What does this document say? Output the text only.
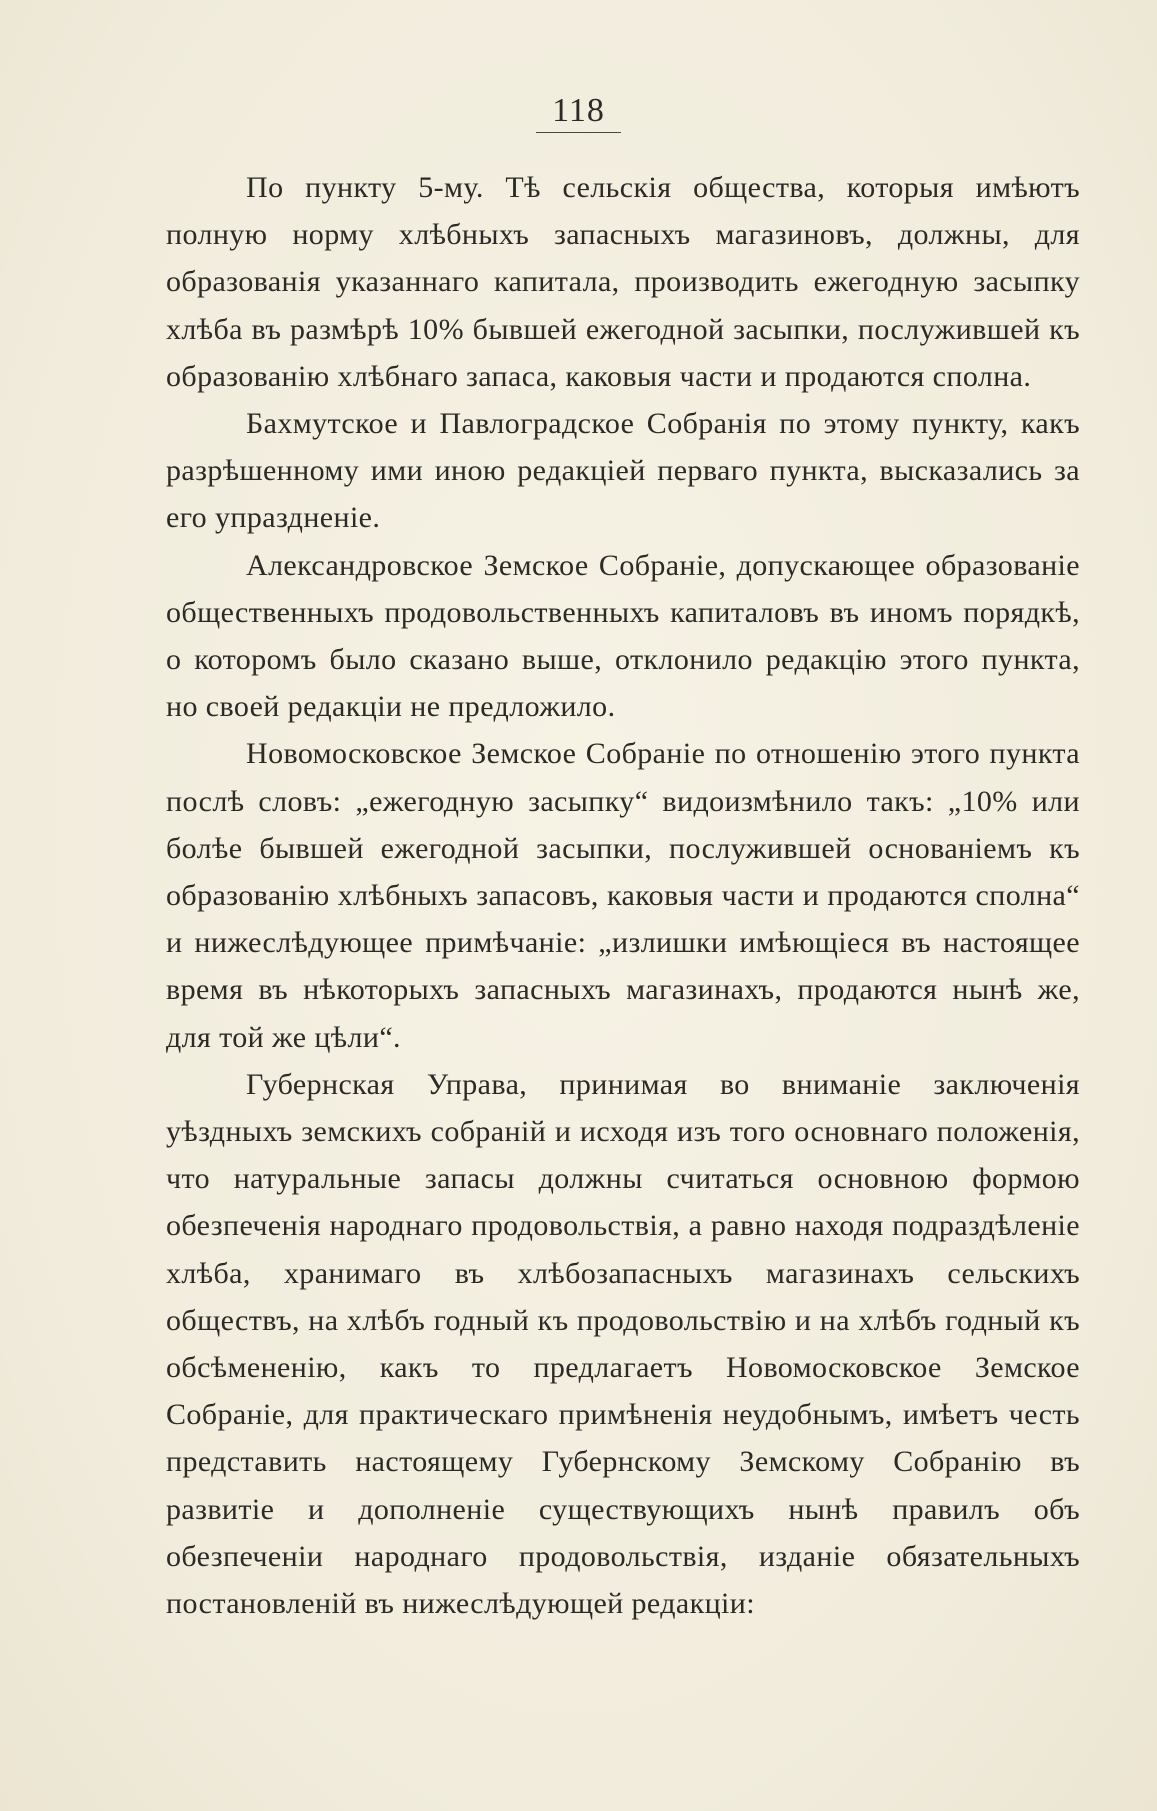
118

По пункту 5-му. Тѣ сельскія общества, которыя имѣютъ полную норму хлѣбныхъ запасныхъ магазиновъ, должны, для образованія указаннаго капитала, производить ежегодную засыпку хлѣба въ размѣрѣ 10% бывшей ежегодной засыпки, послужившей къ образованію хлѣбнаго запаса, каковыя части и продаются сполна.

Бахмутское и Павлоградское Собранія по этому пункту, какъ разрѣшенному ими иною редакціей перваго пункта, высказались за его упраздненіе.

Александровское Земское Собраніе, допускающее образованіе общественныхъ продовольственныхъ капиталовъ въ иномъ порядкѣ, о которомъ было сказано выше, отклонило редакцію этого пункта, но своей редакціи не предложило.

Новомосковское Земское Собраніе по отношенію этого пункта послѣ словъ: „ежегодную засыпку“ видоизмѣнило такъ: „10% или болѣе бывшей ежегодной засыпки, послужившей основаніемъ къ образованію хлѣбныхъ запасовъ, каковыя части и продаются сполна“ и нижеслѣдующее примѣчаніе: „излишки имѣющіеся въ настоящее время въ нѣкоторыхъ запасныхъ магазинахъ, продаются нынѣ же, для той же цѣли“.

Губернская Управа, принимая во вниманіе заключенія уѣздныхъ земскихъ собраній и исходя изъ того основнаго положенія, что натуральные запасы должны считаться основною формою обезпеченія народнаго продовольствія, а равно находя подраздѣленіе хлѣба, хранимаго въ хлѣбозапасныхъ магазинахъ сельскихъ обществъ, на хлѣбъ годный къ продовольствію и на хлѣбъ годный къ обсѣмененію, какъ то предлагаетъ Новомосковское Земское Собраніе, для практическаго примѣненія неудобнымъ, имѣетъ честь представить настоящему Губернскому Земскому Собранію въ развитіе и дополненіе существующихъ нынѣ правилъ объ обезпеченіи народнаго продовольствія, изданіе обязательныхъ постановленій въ нижеслѣдующей редакціи:
